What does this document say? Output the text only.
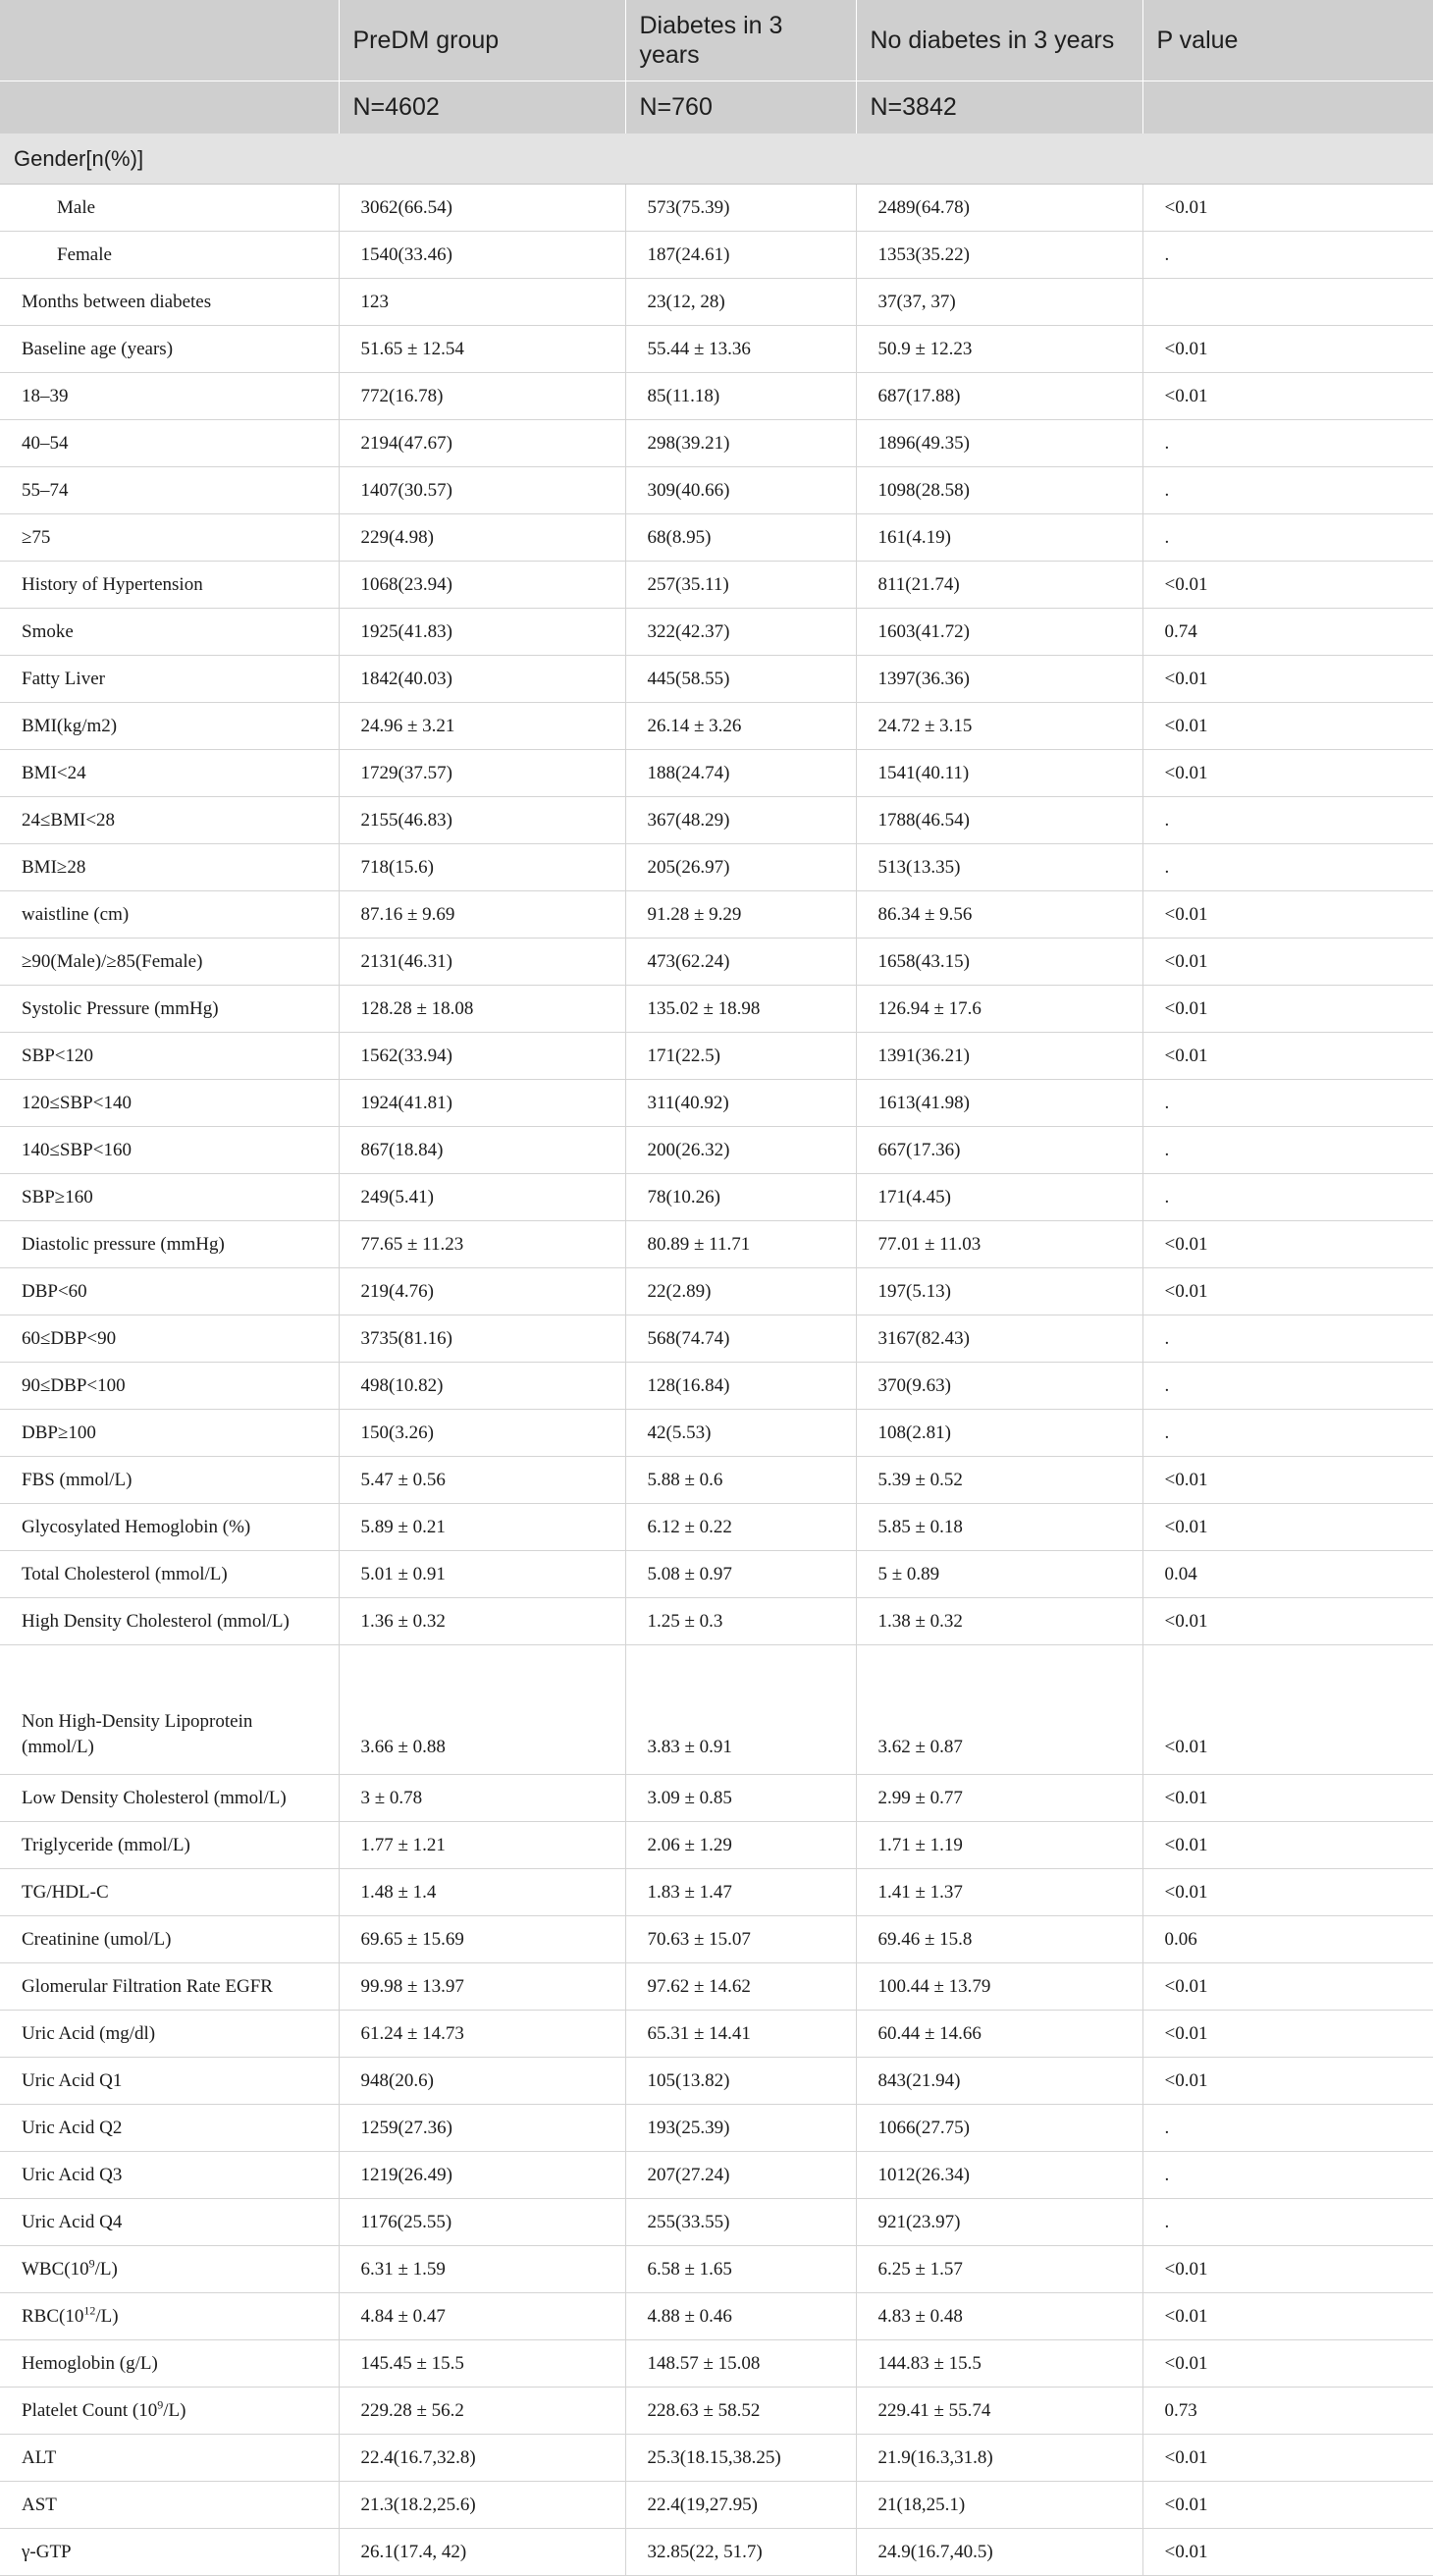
	PreDM group	Diabetes in 3 years	No diabetes in 3 years	P value
	N=4602	N=760	N=3842	
Gender[n(%)]				
Male	3062(66.54)	573(75.39)	2489(64.78)	<0.01
Female	1540(33.46)	187(24.61)	1353(35.22)	.
Months between diabetes	123	23(12, 28)	37(37, 37)	
Baseline age (years)	51.65 ± 12.54	55.44 ± 13.36	50.9 ± 12.23	<0.01
18–39	772(16.78)	85(11.18)	687(17.88)	<0.01
40–54	2194(47.67)	298(39.21)	1896(49.35)	.
55–74	1407(30.57)	309(40.66)	1098(28.58)	.
≥75	229(4.98)	68(8.95)	161(4.19)	.
History of Hypertension	1068(23.94)	257(35.11)	811(21.74)	<0.01
Smoke	1925(41.83)	322(42.37)	1603(41.72)	0.74
Fatty Liver	1842(40.03)	445(58.55)	1397(36.36)	<0.01
BMI(kg/m2)	24.96 ± 3.21	26.14 ± 3.26	24.72 ± 3.15	<0.01
BMI<24	1729(37.57)	188(24.74)	1541(40.11)	<0.01
24≤BMI<28	2155(46.83)	367(48.29)	1788(46.54)	.
BMI≥28	718(15.6)	205(26.97)	513(13.35)	.
waistline (cm)	87.16 ± 9.69	91.28 ± 9.29	86.34 ± 9.56	<0.01
≥90(Male)/≥85(Female)	2131(46.31)	473(62.24)	1658(43.15)	<0.01
Systolic Pressure (mmHg)	128.28 ± 18.08	135.02 ± 18.98	126.94 ± 17.6	<0.01
SBP<120	1562(33.94)	171(22.5)	1391(36.21)	<0.01
120≤SBP<140	1924(41.81)	311(40.92)	1613(41.98)	.
140≤SBP<160	867(18.84)	200(26.32)	667(17.36)	.
SBP≥160	249(5.41)	78(10.26)	171(4.45)	.
Diastolic pressure (mmHg)	77.65 ± 11.23	80.89 ± 11.71	77.01 ± 11.03	<0.01
DBP<60	219(4.76)	22(2.89)	197(5.13)	<0.01
60≤DBP<90	3735(81.16)	568(74.74)	3167(82.43)	.
90≤DBP<100	498(10.82)	128(16.84)	370(9.63)	.
DBP≥100	150(3.26)	42(5.53)	108(2.81)	.
FBS (mmol/L)	5.47 ± 0.56	5.88 ± 0.6	5.39 ± 0.52	<0.01
Glycosylated Hemoglobin (%)	5.89 ± 0.21	6.12 ± 0.22	5.85 ± 0.18	<0.01
Total Cholesterol (mmol/L)	5.01 ± 0.91	5.08 ± 0.97	5 ± 0.89	0.04
High Density Cholesterol (mmol/L)	1.36 ± 0.32	1.25 ± 0.3	1.38 ± 0.32	<0.01
Non High-Density Lipoprotein (mmol/L)	3.66 ± 0.88	3.83 ± 0.91	3.62 ± 0.87	<0.01
Low Density Cholesterol (mmol/L)	3 ± 0.78	3.09 ± 0.85	2.99 ± 0.77	<0.01
Triglyceride (mmol/L)	1.77 ± 1.21	2.06 ± 1.29	1.71 ± 1.19	<0.01
TG/HDL-C	1.48 ± 1.4	1.83 ± 1.47	1.41 ± 1.37	<0.01
Creatinine (umol/L)	69.65 ± 15.69	70.63 ± 15.07	69.46 ± 15.8	0.06
Glomerular Filtration Rate EGFR	99.98 ± 13.97	97.62 ± 14.62	100.44 ± 13.79	<0.01
Uric Acid (mg/dl)	61.24 ± 14.73	65.31 ± 14.41	60.44 ± 14.66	<0.01
Uric Acid Q1	948(20.6)	105(13.82)	843(21.94)	<0.01
Uric Acid Q2	1259(27.36)	193(25.39)	1066(27.75)	.
Uric Acid Q3	1219(26.49)	207(27.24)	1012(26.34)	.
Uric Acid Q4	1176(25.55)	255(33.55)	921(23.97)	.
$WBC(10^9/L)$	6.31 ± 1.59	6.58 ± 1.65	6.25 ± 1.57	<0.01
$RBC(10^{12}/L)$	4.84 ± 0.47	4.88 ± 0.46	4.83 ± 0.48	<0.01
Hemoglobin (g/L)	145.45 ± 15.5	148.57 ± 15.08	144.83 ± 15.5	<0.01
Platelet Count $(10^9/L)$	229.28 ± 56.2	228.63 ± 58.52	229.41 ± 55.74	0.73
ALT	22.4(16.7,32.8)	25.3(18.15,38.25)	21.9(16.3,31.8)	<0.01
AST	21.3(18.2,25.6)	22.4(19,27.95)	21(18,25.1)	<0.01
γ-GTP	26.1(17.4, 42)	32.85(22, 51.7)	24.9(16.7,40.5)	<0.01
